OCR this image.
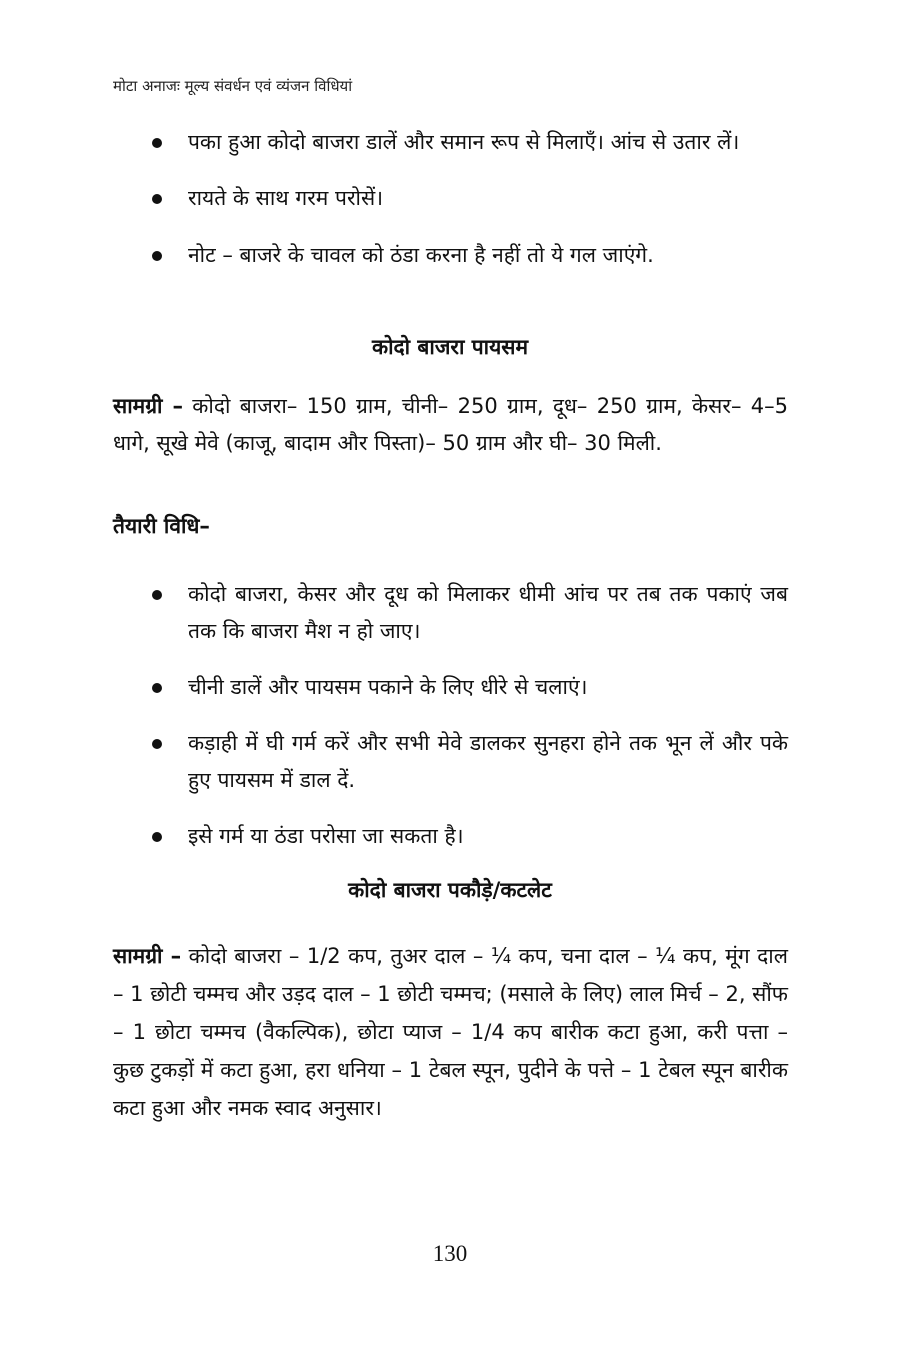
मोटा अनाजः मूल्य संवर्धन एवं व्यंजन विधियां
पका हुआ कोदो बाजरा डालें और समान रूप से मिलाएँ। आंच से उतार लें।
रायते के साथ गरम परोसें।
नोट – बाजरे के चावल को ठंडा करना है नहीं तो ये गल जाएंगे.
कोदो बाजरा पायसम

सामग्री – कोदो बाजरा– 150 ग्राम, चीनी– 250 ग्राम, दूध– 250 ग्राम, केसर– 4–5 धागे, सूखे मेवे (काजू, बादाम और पिस्ता)– 50 ग्राम और घी– 30 मिली.

तैयारी विधि–
कोदो बाजरा, केसर और दूध को मिलाकर धीमी आंच पर तब तक पकाएं जब तक कि बाजरा मैश न हो जाए।
चीनी डालें और पायसम पकाने के लिए धीरे से चलाएं।
कड़ाही में घी गर्म करें और सभी मेवे डालकर सुनहरा होने तक भून लें और पके हुए पायसम में डाल दें.
इसे गर्म या ठंडा परोसा जा सकता है।
कोदो बाजरा पकौड़े/कटलेट

सामग्री – कोदो बाजरा – 1/2 कप, तुअर दाल – ¼ कप, चना दाल – ¼ कप, मूंग दाल – 1 छोटी चम्मच और उड़द दाल – 1 छोटी चम्मच; (मसाले के लिए) लाल मिर्च – 2, सौंफ – 1 छोटा चम्मच (वैकल्पिक), छोटा प्याज – 1/4 कप बारीक कटा हुआ, करी पत्ता – कुछ टुकड़ों में कटा हुआ, हरा धनिया – 1 टेबल स्पून, पुदीने के पत्ते – 1 टेबल स्पून बारीक कटा हुआ और नमक स्वाद अनुसार।

130
